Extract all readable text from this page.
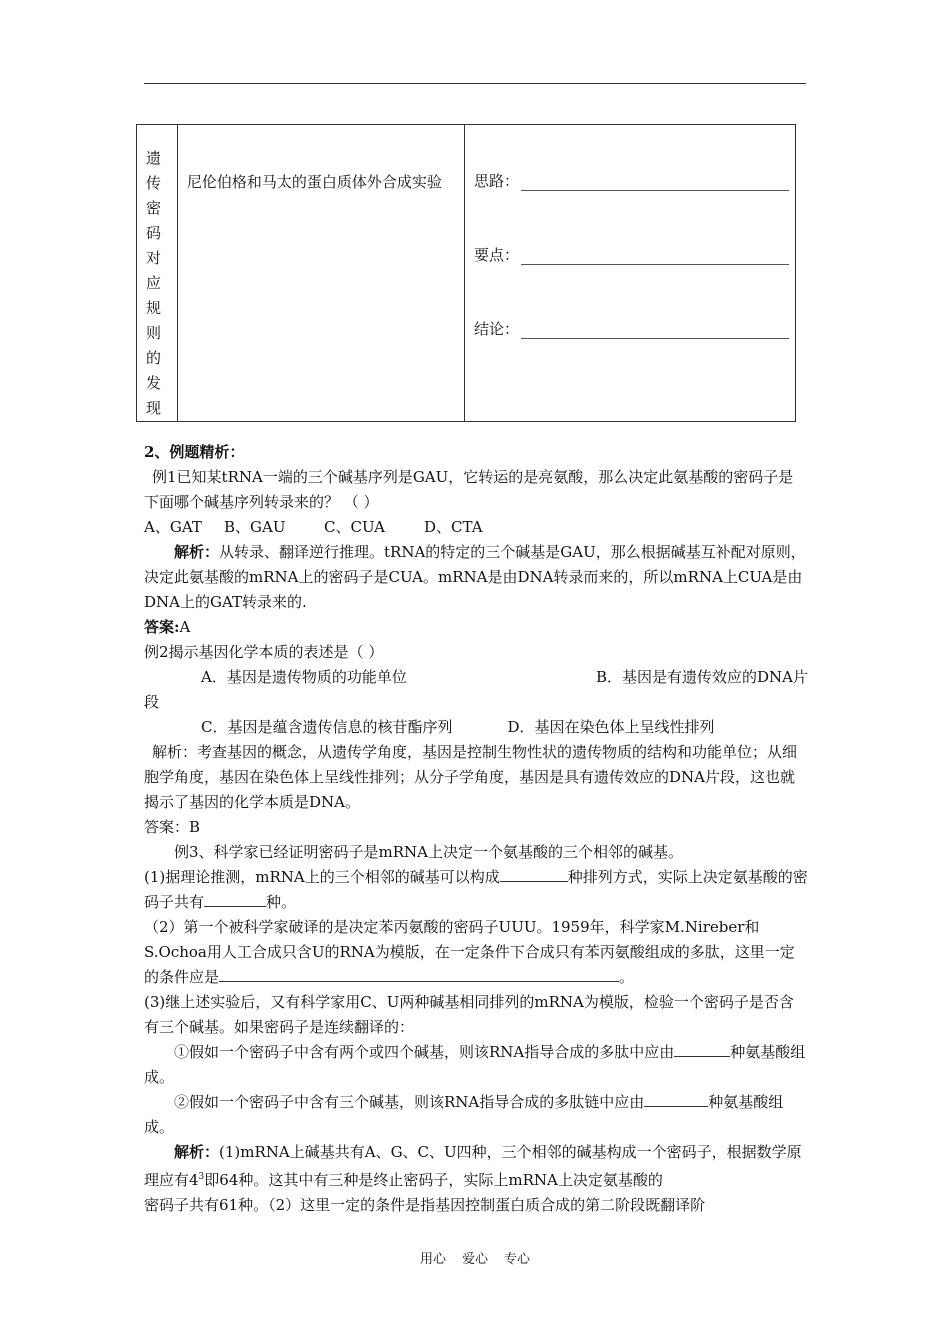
遗传密码对应规则的发现

尼伦伯格和马太的蛋白质体外合成实验	思路：
要点：
结论：

2、例题精析：

例1已知某tRNA一端的三个碱基序列是GAU，它转运的是亮氨酸，那么决定此氨基酸的密码子是下面哪个碱基序列转录来的？ （ ）

A、GAT B、GAU	C、CUA	D、CTA

解析：从转录、翻译逆行推理。tRNA的特定的三个碱基是GAU，那么根据碱基互补配对原则，决定此氨基酸的mRNA上的密码子是CUA。mRNA是由DNA转录而来的，所以mRNA上CUA是由DNA上的GAT转录来的.

答案:A

例2揭示基因化学本质的表述是（ ）

A．基因是遗传物质的功能单位	B．基因是有遗传效应的DNA片

段

C．基因是蕴含遗传信息的核苷酯序列	D．基因在染色体上呈线性排列

解析：考查基因的概念，从遗传学角度，基因是控制生物性状的遗传物质的结构和功能单位；从细胞学角度，基因在染色体上呈线性排列；从分子学角度，基因是具有遗传效应的DNA片段，这也就揭示了基因的化学本质是DNA。

答案：B

例3、科学家已经证明密码子是mRNA上决定一个氨基酸的三个相邻的碱基。

(1)据理论推测，mRNA上的三个相邻的碱基可以构成	种排列方式，实际上决定氨基酸的密码子共有	种。

（2）第一个被科学家破译的是决定苯丙氨酸的密码子UUU。1959年，科学家M.Nireber和S.Ochoa用人工合成只含U的RNA为模版，在一定条件下合成只有苯丙氨酸组成的多肽，这里一定的条件应是	。

(3)继上述实验后，又有科学家用C、U两种碱基相同排列的mRNA为模版，检验一个密码子是否含有三个碱基。如果密码子是连续翻译的：

①假如一个密码子中含有两个或四个碱基，则该RNA指导合成的多肽中应由	种氨基酸组成。

②假如一个密码子中含有三个碱基，则该RNA指导合成的多肽链中应由	种氨基酸组成。

解析：(1)mRNA上碱基共有A、G、C、U四种，三个相邻的碱基构成一个密码子，根据数学原理应有$4^3$即64种。这其中有三种是终止密码子，实际上mRNA上决定氨基酸的

密码子共有61种。（2）这里一定的条件是指基因控制蛋白质合成的第二阶段既翻译阶

用心 爱心 专心
